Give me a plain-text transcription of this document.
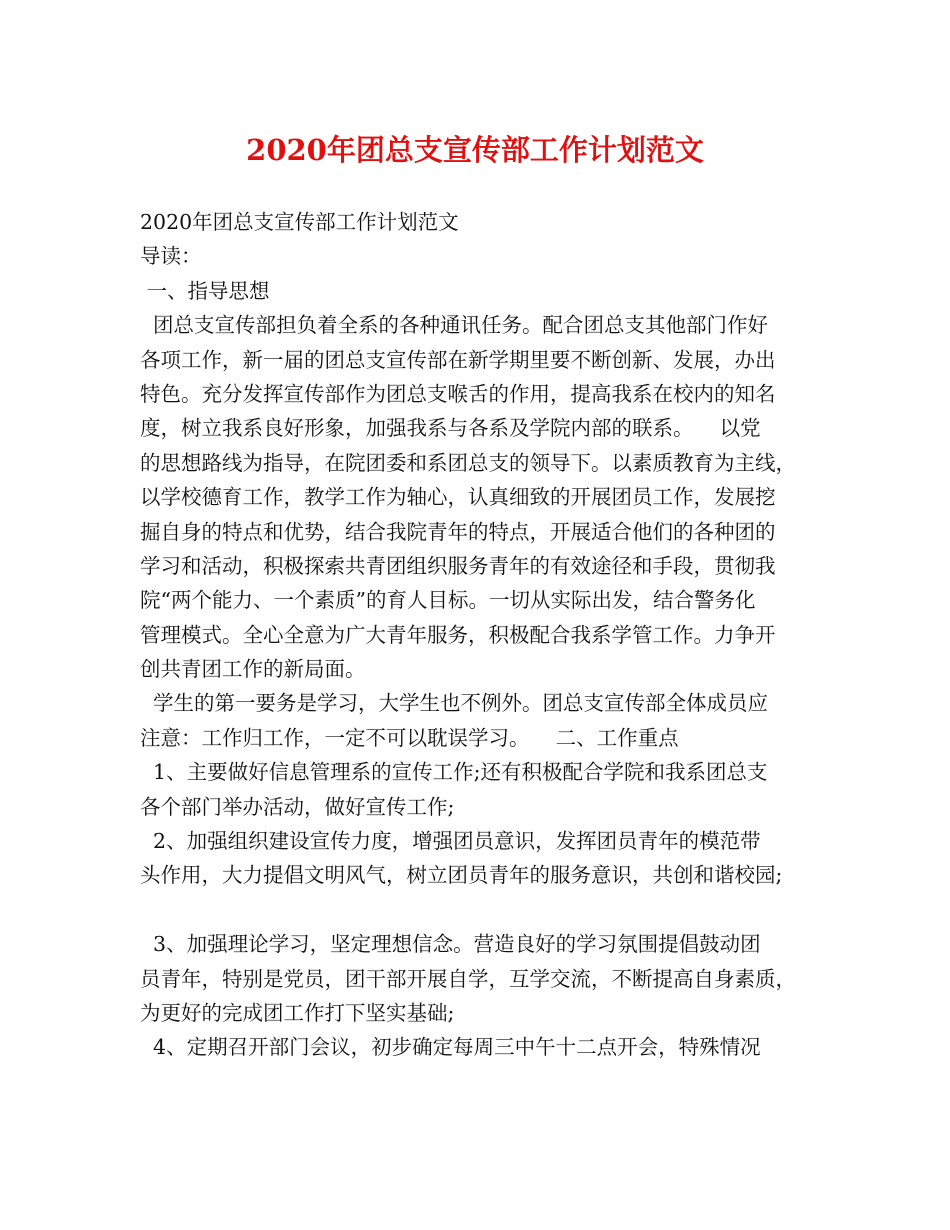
2020年团总支宣传部工作计划范文
2020年团总支宣传部工作计划范文
导读：
一、指导思想
团总支宣传部担负着全系的各种通讯任务。配合团总支其他部门作好
各项工作，新一届的团总支宣传部在新学期里要不断创新、发展，办出
特色。充分发挥宣传部作为团总支喉舌的作用，提高我系在校内的知名
度，树立我系良好形象，加强我系与各系及学院内部的联系。    以党
的思想路线为指导，在院团委和系团总支的领导下。以素质教育为主线，
以学校德育工作，教学工作为轴心，认真细致的开展团员工作，发展挖
掘自身的特点和优势，结合我院青年的特点，开展适合他们的各种团的
学习和活动，积极探索共青团组织服务青年的有效途径和手段，贯彻我
院“两个能力、一个素质”的育人目标。一切从实际出发，结合警务化
管理模式。全心全意为广大青年服务，积极配合我系学管工作。力争开
创共青团工作的新局面。
学生的第一要务是学习，大学生也不例外。团总支宣传部全体成员应
注意：工作归工作，一定不可以耽误学习。    二、工作重点
1、主要做好信息管理系的宣传工作;还有积极配合学院和我系团总支
各个部门举办活动，做好宣传工作;
2、加强组织建设宣传力度，增强团员意识，发挥团员青年的模范带
头作用，大力提倡文明风气，树立团员青年的服务意识，共创和谐校园;
3、加强理论学习，坚定理想信念。营造良好的学习氛围提倡鼓动团
员青年，特别是党员，团干部开展自学，互学交流，不断提高自身素质，
为更好的完成团工作打下坚实基础;
4、定期召开部门会议，初步确定每周三中午十二点开会，特殊情况
